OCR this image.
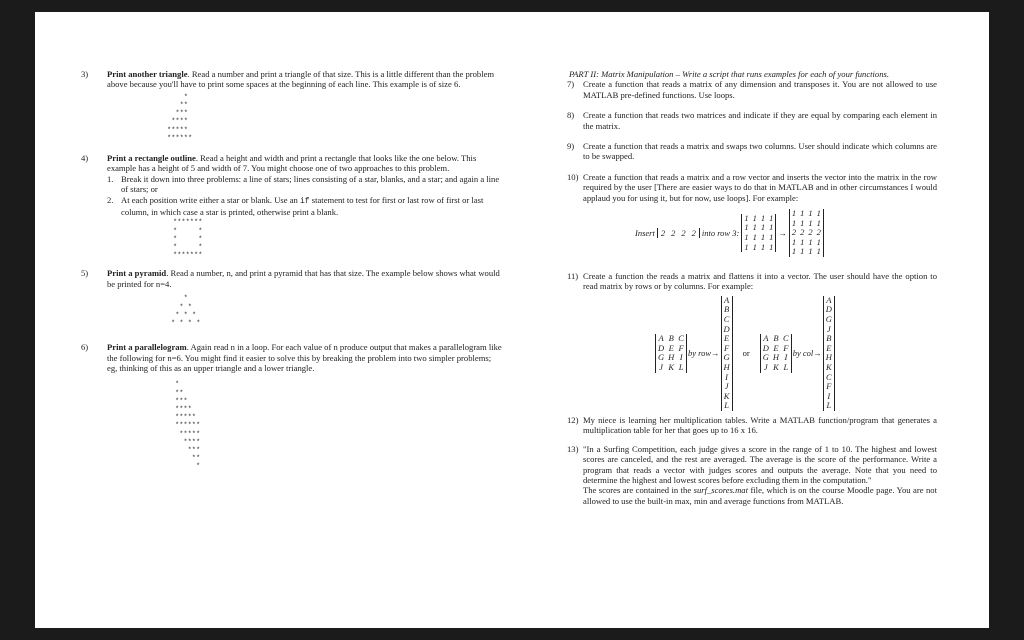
3) Print another triangle. Read a number and print a triangle of that size. This is a little different than the problem above because you'll have to print some spaces at the beginning of each line. This example is of size 6.
*
**
***
****
*****
******
4) Print a rectangle outline. Read a height and width and print a rectangle that looks like the one below. This example has a height of 5 and width of 7. You might choose one of two approaches to this problem.
1. Break it down into three problems: a line of stars; lines consisting of a star, blanks, and a star; and again a line of stars; or
2. At each position write either a star or blank. Use an if statement to test for first or last row of first or last column, in which case a star is printed, otherwise print a blank.
*******
*     *
*     *
*     *
*******
5) Print a pyramid. Read a number, n, and print a pyramid that has that size. The example below shows what would be printed for n=4.
*
* *
* * *
* * * *
6) Print a parallelogram. Again read n in a loop. For each value of n produce output that makes a parallelogram like the following for n=6. You might find it easier to solve this by breaking the problem into two simpler problems; eg, thinking of this as an upper triangle and a lower triangle.
*
**
***
****
*****
******
*****
****
***
**
*
PART II: Matrix Manipulation – Write a script that runs examples for each of your functions.
7) Create a function that reads a matrix of any dimension and transposes it. You are not allowed to use MATLAB pre-defined functions. Use loops.
8) Create a function that reads two matrices and indicate if they are equal by comparing each element in the matrix.
9) Create a function that reads a matrix and swaps two columns. User should indicate which columns are to be swapped.
10) Create a function that reads a matrix and a row vector and inserts the vector into the matrix in the row required by the user [There are easier ways to do that in MATLAB and in other circumstances I would applaud you for using it, but for now, use loops]. For example:
Insert 2 2 2 2 into row 3:
1	1	1	1
1	1	1	1
1	1	1	1
1	1	1	1
→
1	1	1	1
1	1	1	1
2	2	2	2
1	1	1	1
1	1	1	1
11) Create a function the reads a matrix and flattens it into a vector. The user should have the option to read matrix by rows or by columns. For example:
A	B	C
D	E	F
G	H	I
J	K	L
by row→
A
B
C
D
E
F
G
H
I
J
K
L
or
A	B	C
D	E	F
G	H	I
J	K	L
by col→
A
D
G
J
B
E
H
K
C
F
I
L
12) My niece is learning her multiplication tables. Write a MATLAB function/program that generates a multiplication table for her that goes up to 16 x 16.
13) "In a Surfing Competition, each judge gives a score in the range of 1 to 10. The highest and lowest scores are canceled, and the rest are averaged. The average is the score of the performance. Write a program that reads a vector with judges scores and outputs the average. Note that you need to determine the highest and lowest scores before excluding them in the computation."
The scores are contained in the surf_scores.mat file, which is on the course Moodle page. You are not allowed to use the built-in max, min and average functions from MATLAB.
